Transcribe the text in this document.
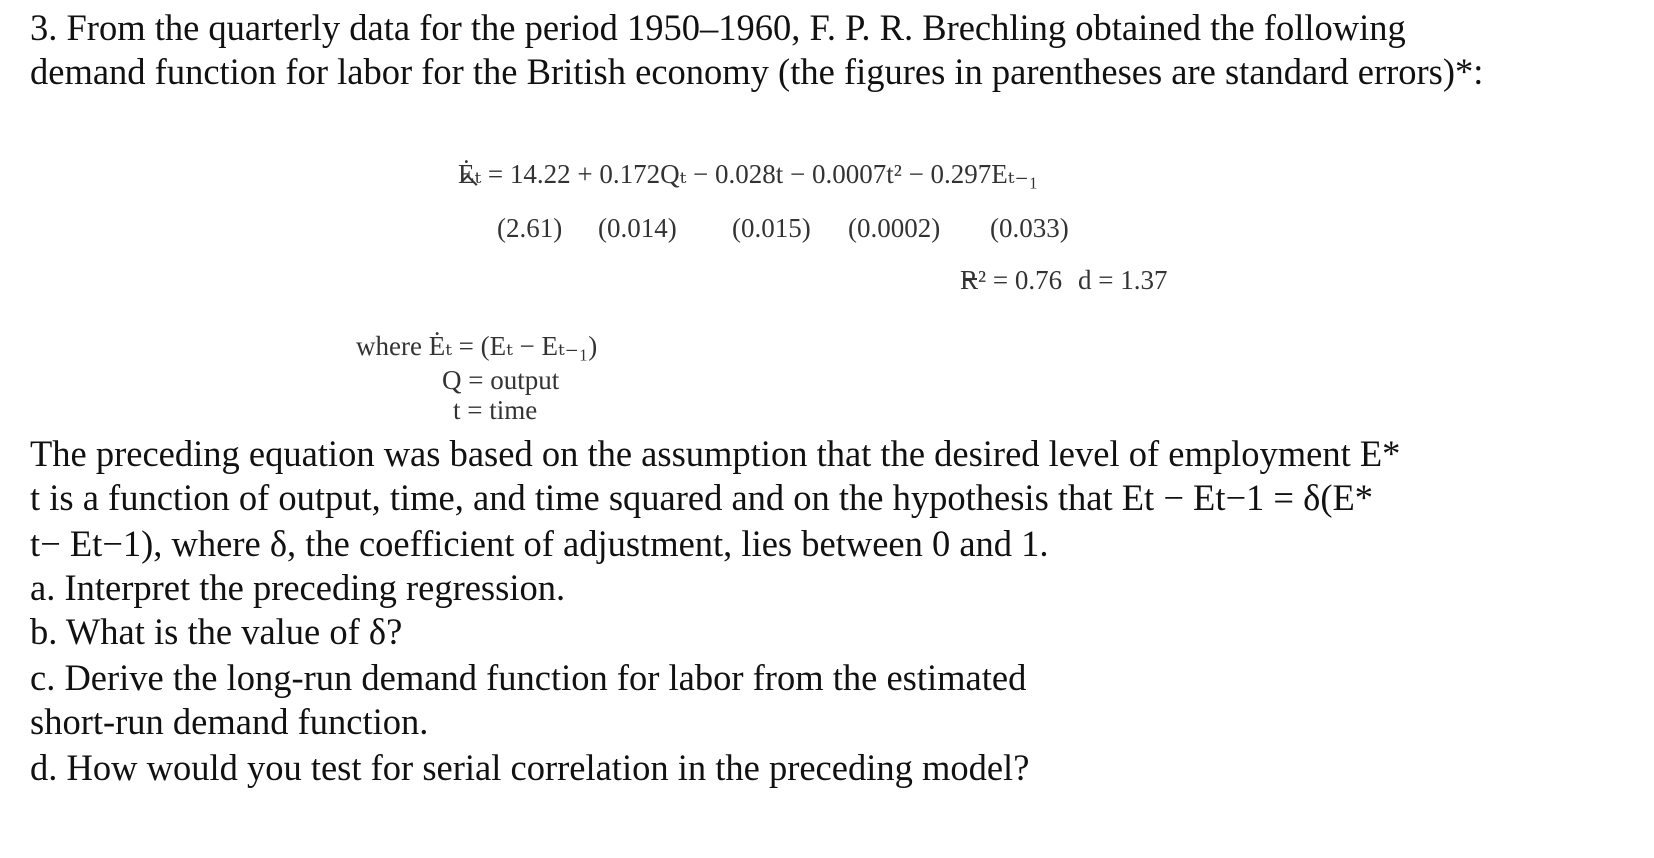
3. From the quarterly data for the period 1950–1960, F. P. R. Brechling obtained the following
demand function for labor for the British economy (the figures in parentheses are standard errors)*:
Ėₜ = 14.22 + 0.172Qₜ − 0.028t − 0.0007t² − 0.297Eₜ₋₁
(2.61) (0.014) (0.015) (0.0002) (0.033)
R² = 0.76 d = 1.37
where Ėₜ = (Eₜ − Eₜ₋₁)
Q = output
t = time
The preceding equation was based on the assumption that the desired level of employment E*
t is a function of output, time, and time squared and on the hypothesis that Et − Et−1 = δ(E*
t− Et−1), where δ, the coefficient of adjustment, lies between 0 and 1.
a. Interpret the preceding regression.
b. What is the value of δ?
c. Derive the long-run demand function for labor from the estimated
short-run demand function.
d. How would you test for serial correlation in the preceding model?
